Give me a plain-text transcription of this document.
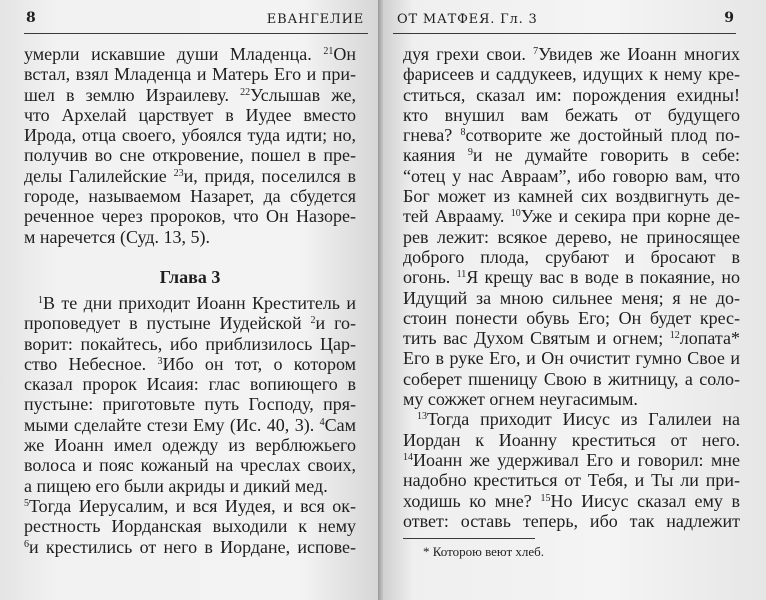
8	ЕВАНГЕЛИЕ
умерли искавшие души Младенца. $^{21}$Он
встал, взял Младенца и Матерь Его и при-
шел в землю Израилеву. $^{22}$Услышав же,
что Архелай царствует в Иудее вместо
Ирода, отца своего, убоялся туда идти; но,
получив во сне откровение, пошел в пре-
делы Галилейские $^{23}$и, придя, поселился в
городе, называемом Назарет, да сбудется
реченное через пророков, что Он Назоре-
м наречется (Суд. 13, 5).
Глава 3
$^1$В те дни приходит Иоанн Креститель и
проповедует в пустыне Иудейской $^2$и го-
ворит: покайтесь, ибо приблизилось Цар-
ство Небесное. $^3$Ибо он тот, о котором
сказал пророк Исаия: глас вопиющего в
пустыне: приготовьте путь Господу, пря-
мыми сделайте стези Ему (Ис. 40, 3). $^4$Сам
же Иоанн имел одежду из верблюжьего
волоса и пояс кожаный на чреслах своих,
а пищею его были акриды и дикий мед.
$^5$Тогда Иерусалим, и вся Иудея, и вся ок-
рестность Иорданская выходили к нему
$^6$и крестились от него в Иордане, испове-
ОТ МАТФЕЯ. Гл. 3	9
дуя грехи свои. $^7$Увидев же Иоанн многих
фарисеев и саддукеев, идущих к нему кре-
ститься, сказал им: порождения ехидны!
кто внушил вам бежать от будущего
гнева? $^8$сотворите же достойный плод по-
каяния $^9$и не думайте говорить в себе:
“отец у нас Авраам”, ибо говорю вам, что
Бог может из камней сих воздвигнуть де-
тей Аврааму. $^{10}$Уже и секира при корне де-
рев лежит: всякое дерево, не приносящее
доброго плода, срубают и бросают в
огонь. $^{11}$Я крещу вас в воде в покаяние, но
Идущий за мною сильнее меня; я не до-
стоин понести обувь Его; Он будет крес-
тить вас Духом Святым и огнем; $^{12}$лопата*
Его в руке Его, и Он очистит гумно Свое и
соберет пшеницу Свою в житницу, а соло-
му сожжет огнем неугасимым.
$^{13}$Тогда приходит Иисус из Галилеи на
Иордан к Иоанну креститься от него.
$^{14}$Иоанн же удерживал Его и говорил: мне
надобно креститься от Тебя, и Ты ли при-
ходишь ко мне? $^{15}$Но Иисус сказал ему в
ответ: оставь теперь, ибо так надлежит
* Которою веют хлеб.
